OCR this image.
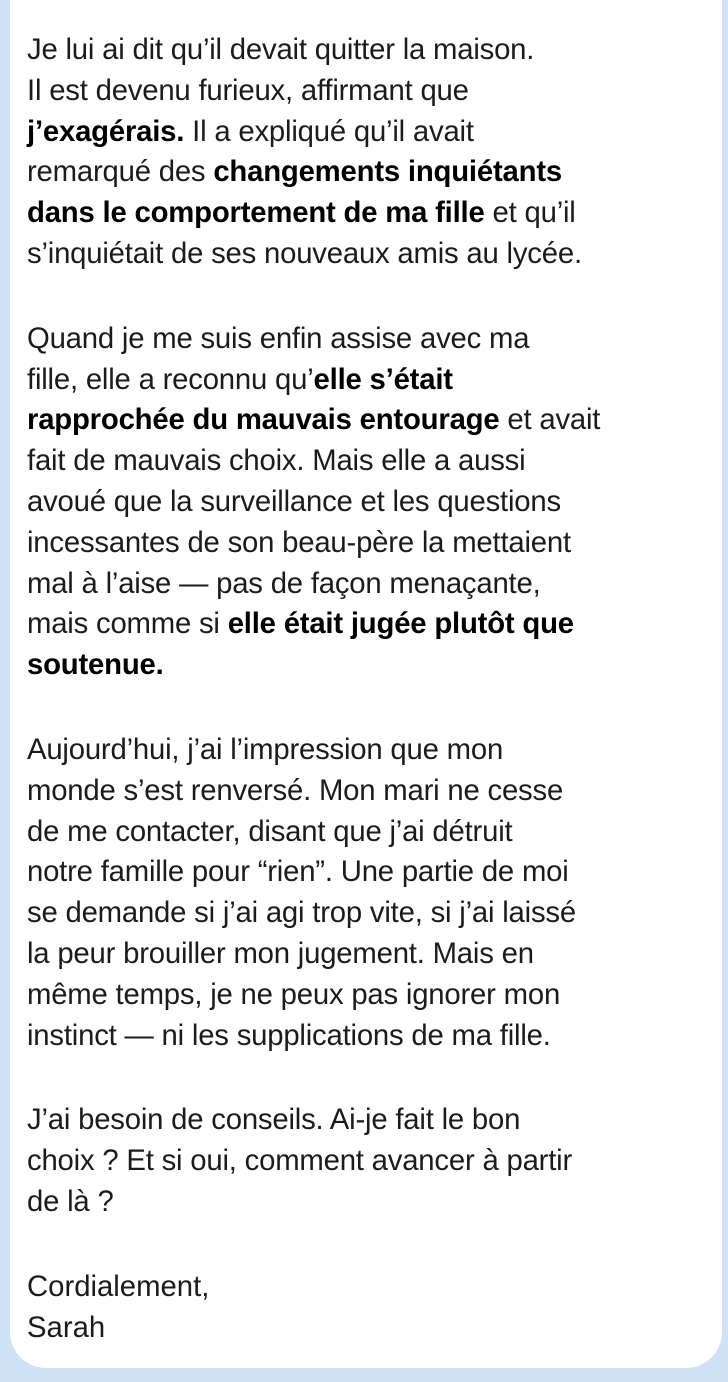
Je lui ai dit qu’il devait quitter la maison.
Il est devenu furieux, affirmant que
j’exagérais. Il a expliqué qu’il avait
remarqué des changements inquiétants
dans le comportement de ma fille et qu’il
s’inquiétait de ses nouveaux amis au lycée.

Quand je me suis enfin assise avec ma
fille, elle a reconnu qu’elle s’était
rapprochée du mauvais entourage et avait
fait de mauvais choix. Mais elle a aussi
avoué que la surveillance et les questions
incessantes de son beau-père la mettaient
mal à l’aise — pas de façon menaçante,
mais comme si elle était jugée plutôt que
soutenue.

Aujourd’hui, j’ai l’impression que mon
monde s’est renversé. Mon mari ne cesse
de me contacter, disant que j’ai détruit
notre famille pour “rien”. Une partie de moi
se demande si j’ai agi trop vite, si j’ai laissé
la peur brouiller mon jugement. Mais en
même temps, je ne peux pas ignorer mon
instinct — ni les supplications de ma fille.

J’ai besoin de conseils. Ai-je fait le bon
choix ? Et si oui, comment avancer à partir
de là ?

Cordialement,
Sarah
